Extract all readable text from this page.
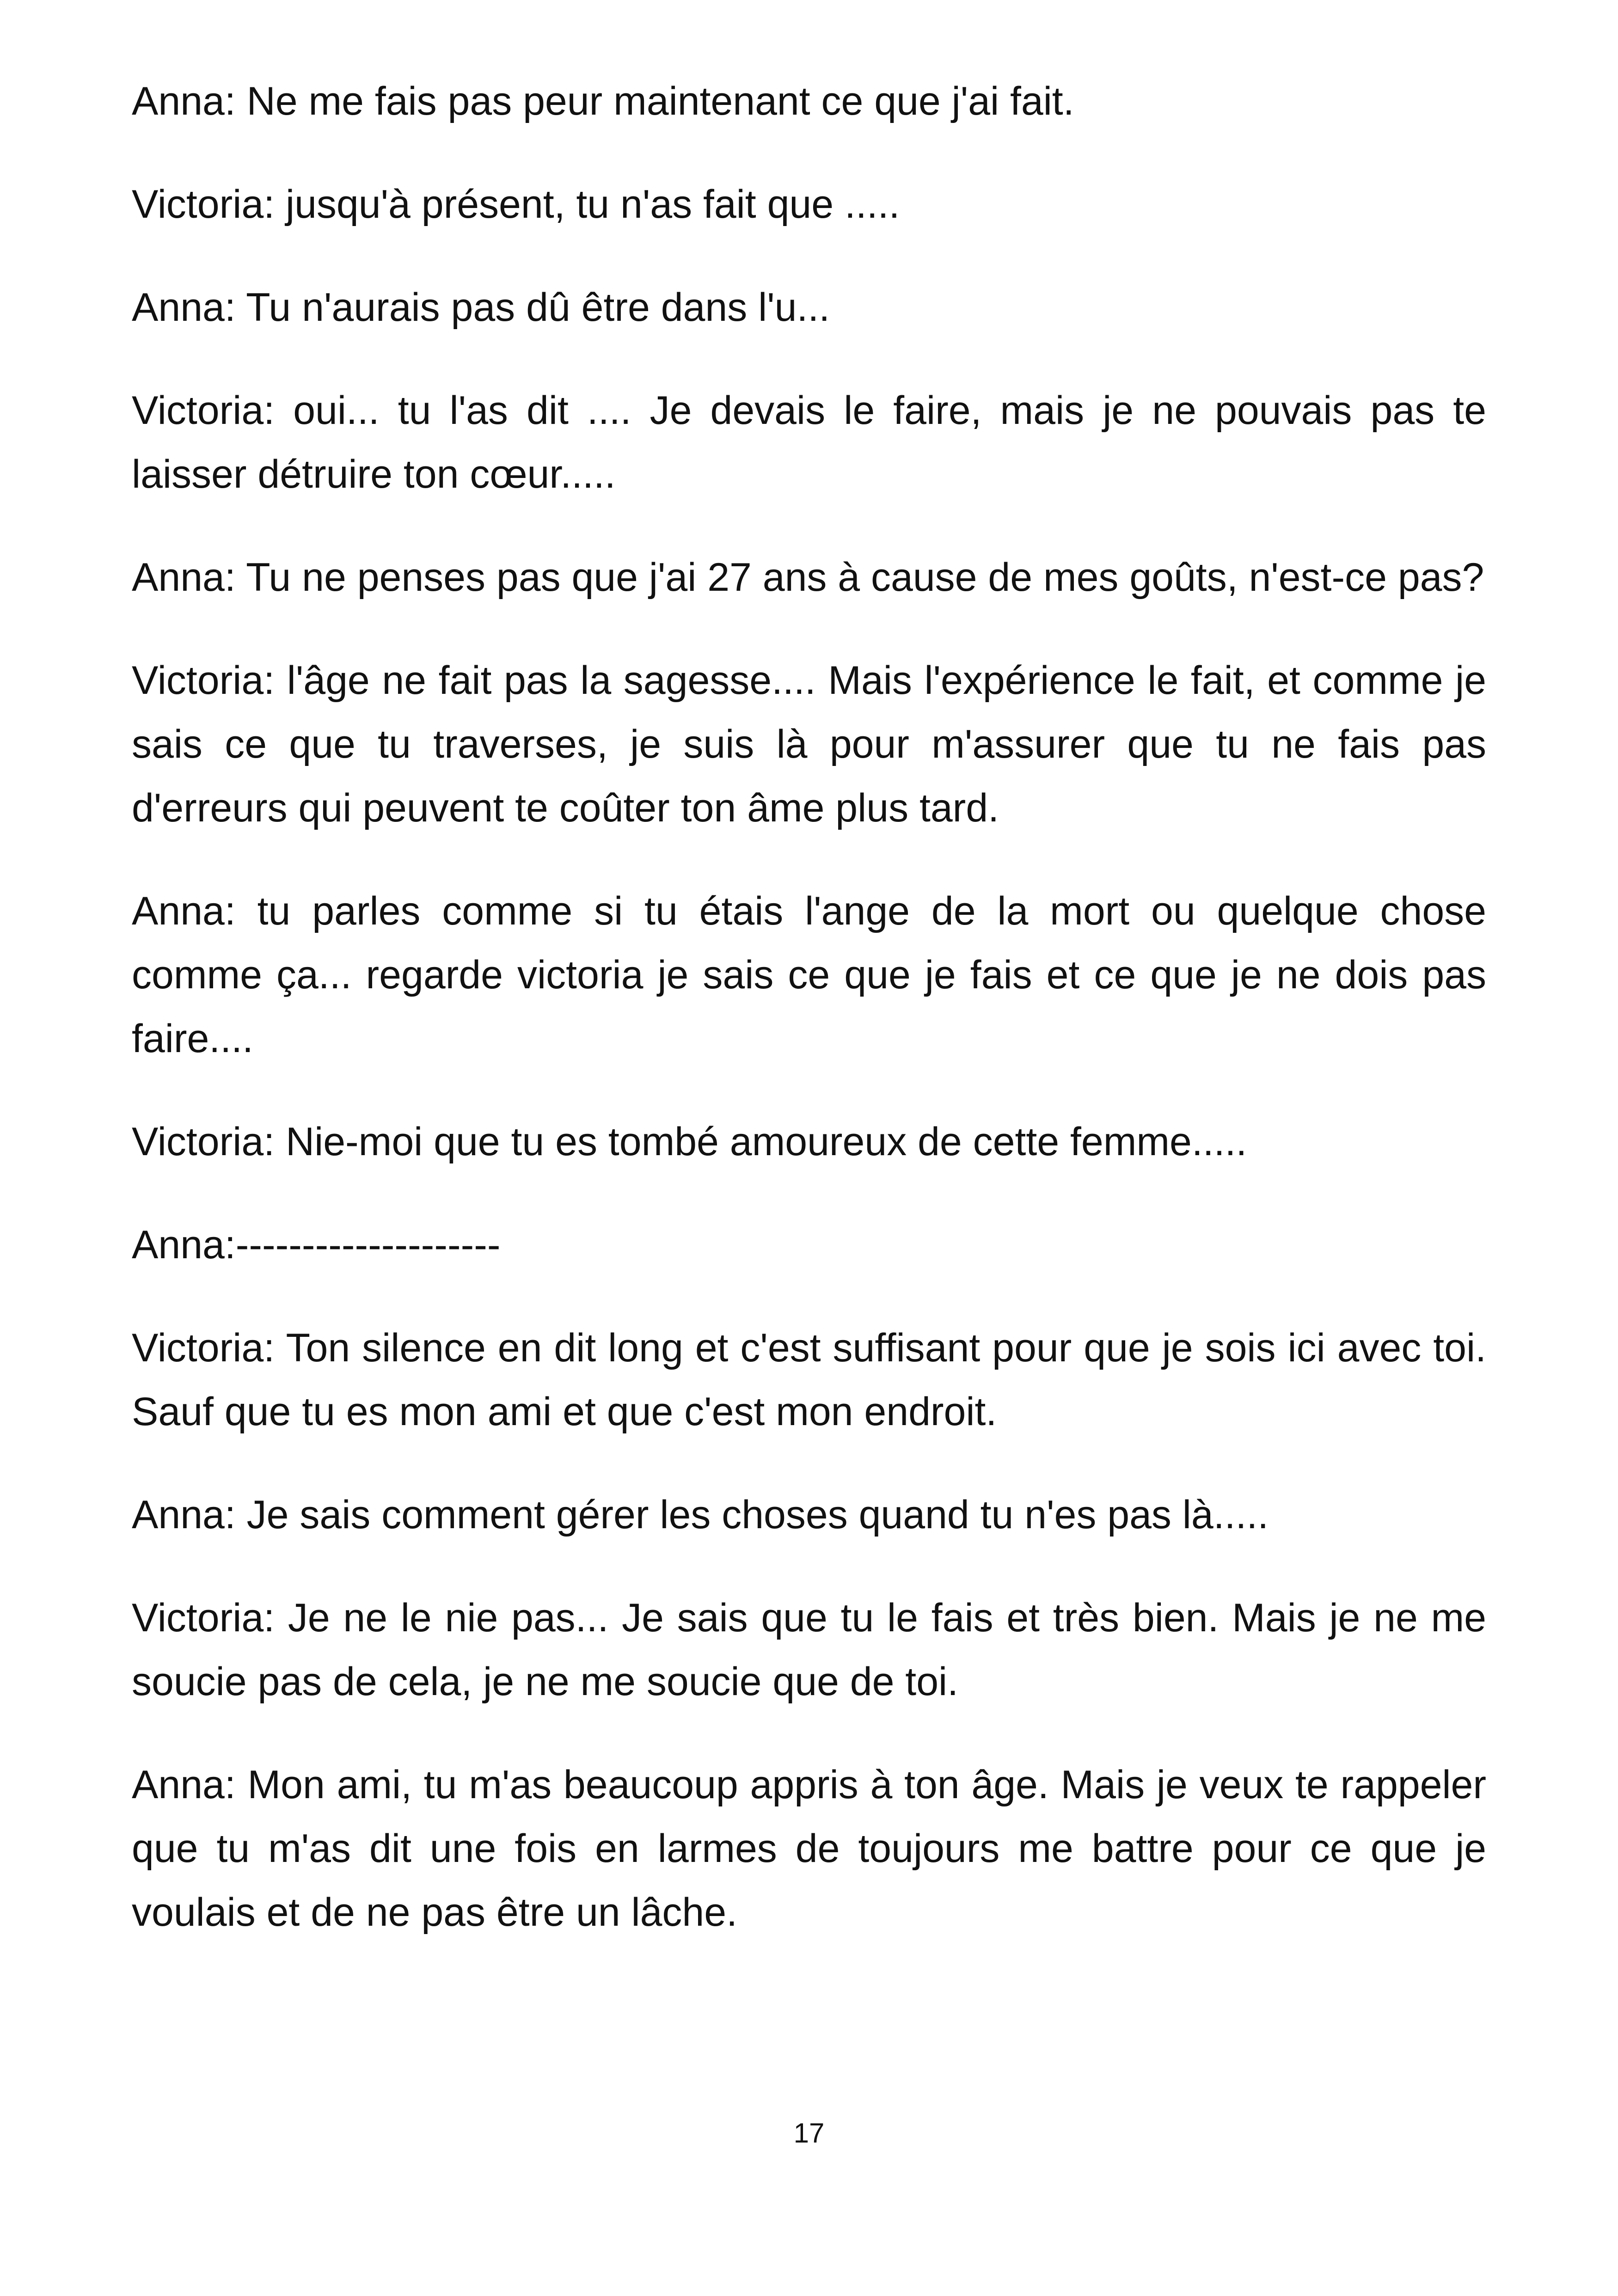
Anna: Ne me fais pas peur maintenant ce que j'ai fait.

Victoria: jusqu'à présent, tu n'as fait que .....

Anna: Tu n'aurais pas dû être dans l'u...

Victoria: oui... tu l'as dit .... Je devais le faire, mais je ne pouvais pas te laisser détruire ton cœur.....

Anna: Tu ne penses pas que j'ai 27 ans à cause de mes goûts, n'est-ce pas?

Victoria: l'âge ne fait pas la sagesse.... Mais l'expérience le fait, et comme je sais ce que tu traverses, je suis là pour m'assurer que tu ne fais pas d'erreurs qui peuvent te coûter ton âme plus tard.

Anna: tu parles comme si tu étais l'ange de la mort ou quelque chose comme ça... regarde victoria je sais ce que je fais et ce que je ne dois pas faire....

Victoria: Nie-moi que tu es tombé amoureux de cette femme.....

Anna:--------------------

Victoria: Ton silence en dit long et c'est suffisant pour que je sois ici avec toi. Sauf que tu es mon ami et que c'est mon endroit.

Anna: Je sais comment gérer les choses quand tu n'es pas là.....

Victoria: Je ne le nie pas... Je sais que tu le fais et très bien. Mais je ne me soucie pas de cela, je ne me soucie que de toi.

Anna: Mon ami, tu m'as beaucoup appris à ton âge. Mais je veux te rappeler que tu m'as dit une fois en larmes de toujours me battre pour ce que je voulais et de ne pas être un lâche.

17
